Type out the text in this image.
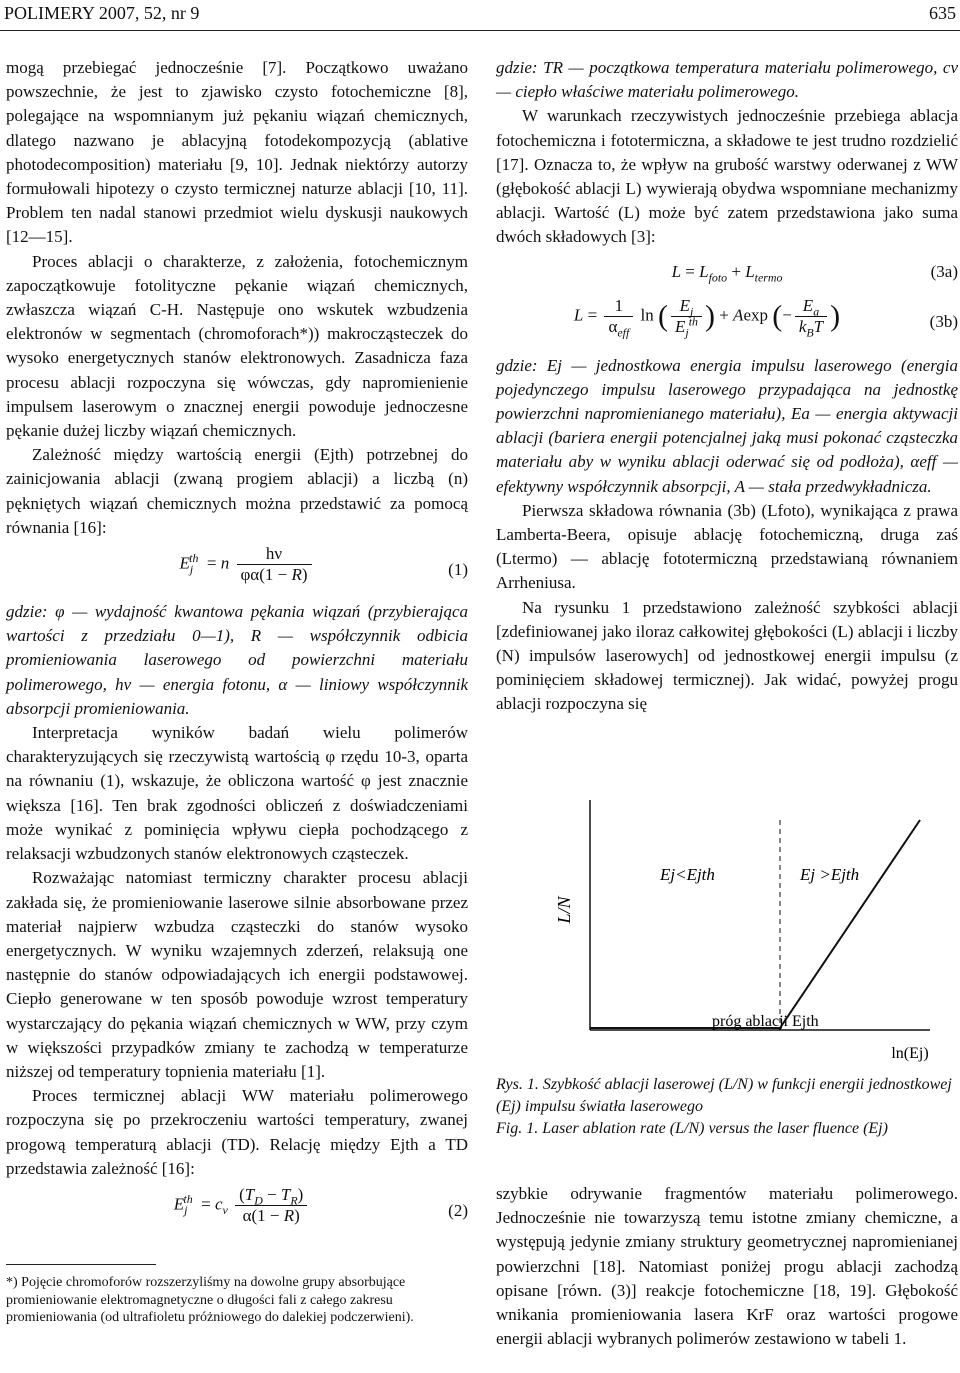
POLIMERY 2007, 52, nr 9	635

mogą przebiegać jednocześnie [7]. Początkowo uważano powszechnie, że jest to zjawisko czysto fotochemiczne [8], polegające na wspomnianym już pękaniu wiązań chemicznych, dlatego nazwano je ablacyjną fotodekompozycją (ablative photodecomposition) materiału [9, 10]. Jednak niektórzy autorzy formułowali hipotezy o czysto termicznej naturze ablacji [10, 11]. Problem ten nadal stanowi przedmiot wielu dyskusji naukowych [12—15].

Proces ablacji o charakterze, z założenia, fotochemicznym zapoczątkowuje fotolityczne pękanie wiązań chemicznych, zwłaszcza wiązań C-H. Następuje ono wskutek wzbudzenia elektronów w segmentach (chromoforach*)) makrocząsteczek do wysoko energetycznych stanów elektronowych. Zasadnicza faza procesu ablacji rozpoczyna się wówczas, gdy napromienienie impulsem laserowym o znacznej energii powoduje jednoczesne pękanie dużej liczby wiązań chemicznych.

Zależność między wartością energii (Ejth) potrzebnej do zainicjowania ablacji (zwaną progiem ablacji) a liczbą (n) pękniętych wiązań chemicznych można przedstawić za pomocą równania [16]:

$E_j^{th} = n \frac{h\nu}{\varphi\alpha(1 - R)}$	(1)

gdzie: φ — wydajność kwantowa pękania wiązań (przybierająca wartości z przedziału 0—1), R — współczynnik odbicia promieniowania laserowego od powierzchni materiału polimerowego, hν — energia fotonu, α — liniowy współczynnik absorpcji promieniowania.

Interpretacja wyników badań wielu polimerów charakteryzujących się rzeczywistą wartością φ rzędu 10-3, oparta na równaniu (1), wskazuje, że obliczona wartość φ jest znacznie większa [16]. Ten brak zgodności obliczeń z doświadczeniami może wynikać z pominięcia wpływu ciepła pochodzącego z relaksacji wzbudzonych stanów elektronowych cząsteczek.

Rozważając natomiast termiczny charakter procesu ablacji zakłada się, że promieniowanie laserowe silnie absorbowane przez materiał najpierw wzbudza cząsteczki do stanów wysoko energetycznych. W wyniku wzajemnych zderzeń, relaksują one następnie do stanów odpowiadających ich energii podstawowej. Ciepło generowane w ten sposób powoduje wzrost temperatury wystarczający do pękania wiązań chemicznych w WW, przy czym w większości przypadków zmiany te zachodzą w temperaturze niższej od temperatury topnienia materiału [1].

Proces termicznej ablacji WW materiału polimerowego rozpoczyna się po przekroczeniu wartości temperatury, zwanej progową temperaturą ablacji (TD). Relację między Ejth a TD przedstawia zależność [16]:

$E_j^{th} = c_v \frac{(T_D - T_R)}{\alpha(1 - R)}$	(2)
*) Pojęcie chromoforów rozszerzyliśmy na dowolne grupy absorbujące promieniowanie elektromagnetyczne o długości fali z całego zakresu promieniowania (od ultrafioletu próżniowego do dalekiej podczerwieni).

gdzie: TR — początkowa temperatura materiału polimerowego, cv — ciepło właściwe materiału polimerowego.

W warunkach rzeczywistych jednocześnie przebiega ablacja fotochemiczna i fototermiczna, a składowe te jest trudno rozdzielić [17]. Oznacza to, że wpływ na grubość warstwy oderwanej z WW (głębokość ablacji L) wywierają obydwa wspomniane mechanizmy ablacji. Wartość (L) może być zatem przedstawiona jako suma dwóch składowych [3]:

$L = L_{foto} + L_{termo}$	(3a)
$L = \frac{1}{\alpha_{eff}}$ ln ( $\frac{E_j}{E_j^{th}}$ ) + Aexp (− $\frac{E_a}{k_BT}$ )	(3b)

gdzie: Ej — jednostkowa energia impulsu laserowego (energia pojedynczego impulsu laserowego przypadająca na jednostkę powierzchni napromienianego materiału), Ea — energia aktywacji ablacji (bariera energii potencjalnej jaką musi pokonać cząsteczka materiału aby w wyniku ablacji oderwać się od podłoża), αeff — efektywny współczynnik absorpcji, A — stała przedwykładnicza.

Pierwsza składowa równania (3b) (Lfoto), wynikająca z prawa Lamberta-Beera, opisuje ablację fotochemiczną, druga zaś (Ltermo) — ablację fototermiczną przedstawianą równaniem Arrheniusa.

Na rysunku 1 przedstawiono zależność szybkości ablacji [zdefiniowanej jako iloraz całkowitej głębokości (L) ablacji i liczby (N) impulsów laserowych] od jednostkowej energii impulsu (z pominięciem składowej termicznej). Jak widać, powyżej progu ablacji rozpoczyna się

L/N
Ej<Ejth	Ej >Ejth
próg ablacji Ejth
ln(Ej)
Rys. 1. Szybkość ablacji laserowej (L/N) w funkcji energii jednostkowej (Ej) impulsu światła laserowego
Fig. 1. Laser ablation rate (L/N) versus the laser fluence (Ej)

szybkie odrywanie fragmentów materiału polimerowego. Jednocześnie nie towarzyszą temu istotne zmiany chemiczne, a występują jedynie zmiany struktury geometrycznej napromienianej powierzchni [18]. Natomiast poniżej progu ablacji zachodzą opisane [równ. (3)] reakcje fotochemiczne [18, 19]. Głębokość wnikania promieniowania lasera KrF oraz wartości progowe energii ablacji wybranych polimerów zestawiono w tabeli 1.
